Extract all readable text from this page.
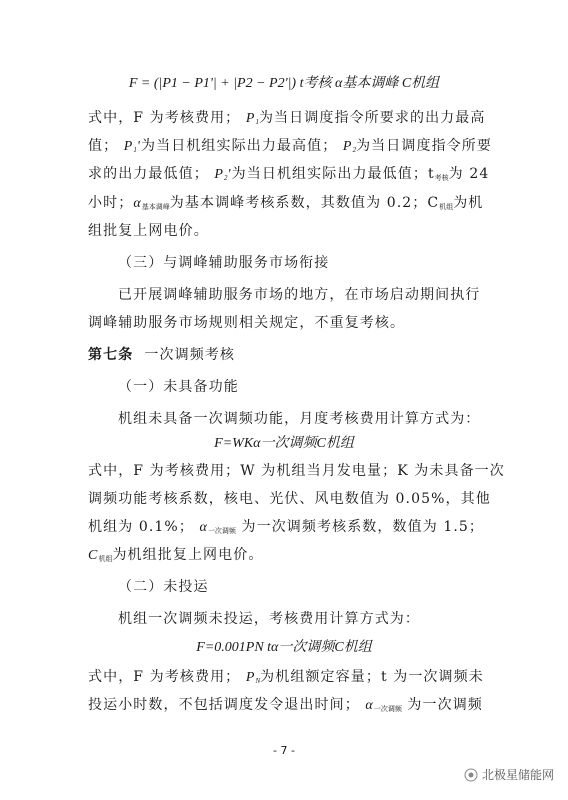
F = (|P1 − P1'| + |P2 − P2'|) t考核 α基本调峰 C机组
式中，F 为考核费用； $P_1$为当日调度指令所要求的出力最高
值； $P_1'$为当日机组实际出力最高值； $P_2$为当日调度指令所要
求的出力最低值； $P_2'$为当日机组实际出力最低值；$t_{考核}$为 24
小时；$\alpha_{基本调峰}$为基本调峰考核系数，其数值为 0.2；$C_{机组}$为机
组批复上网电价。
（三）与调峰辅助服务市场衔接
已开展调峰辅助服务市场的地方，在市场启动期间执行
调峰辅助服务市场规则相关规定，不重复考核。
第七条 一次调频考核
（一）未具备功能
机组未具备一次调频功能，月度考核费用计算方式为：
F=WKα一次调频C机组
式中，F 为考核费用；W 为机组当月发电量；K 为未具备一次
调频功能考核系数，核电、光伏、风电数值为 0.05%，其他
机组为 0.1%； $\alpha_{一次调频}$ 为一次调频考核系数，数值为 1.5；
$C_{机组}$为机组批复上网电价。
（二）未投运
机组一次调频未投运，考核费用计算方式为：
F=0.001PN tα一次调频C机组
式中，F 为考核费用； $P_N$为机组额定容量；t 为一次调频未
投运小时数，不包括调度发令退出时间； $\alpha_{一次调频}$ 为一次调频
- 7 -
北极星储能网
